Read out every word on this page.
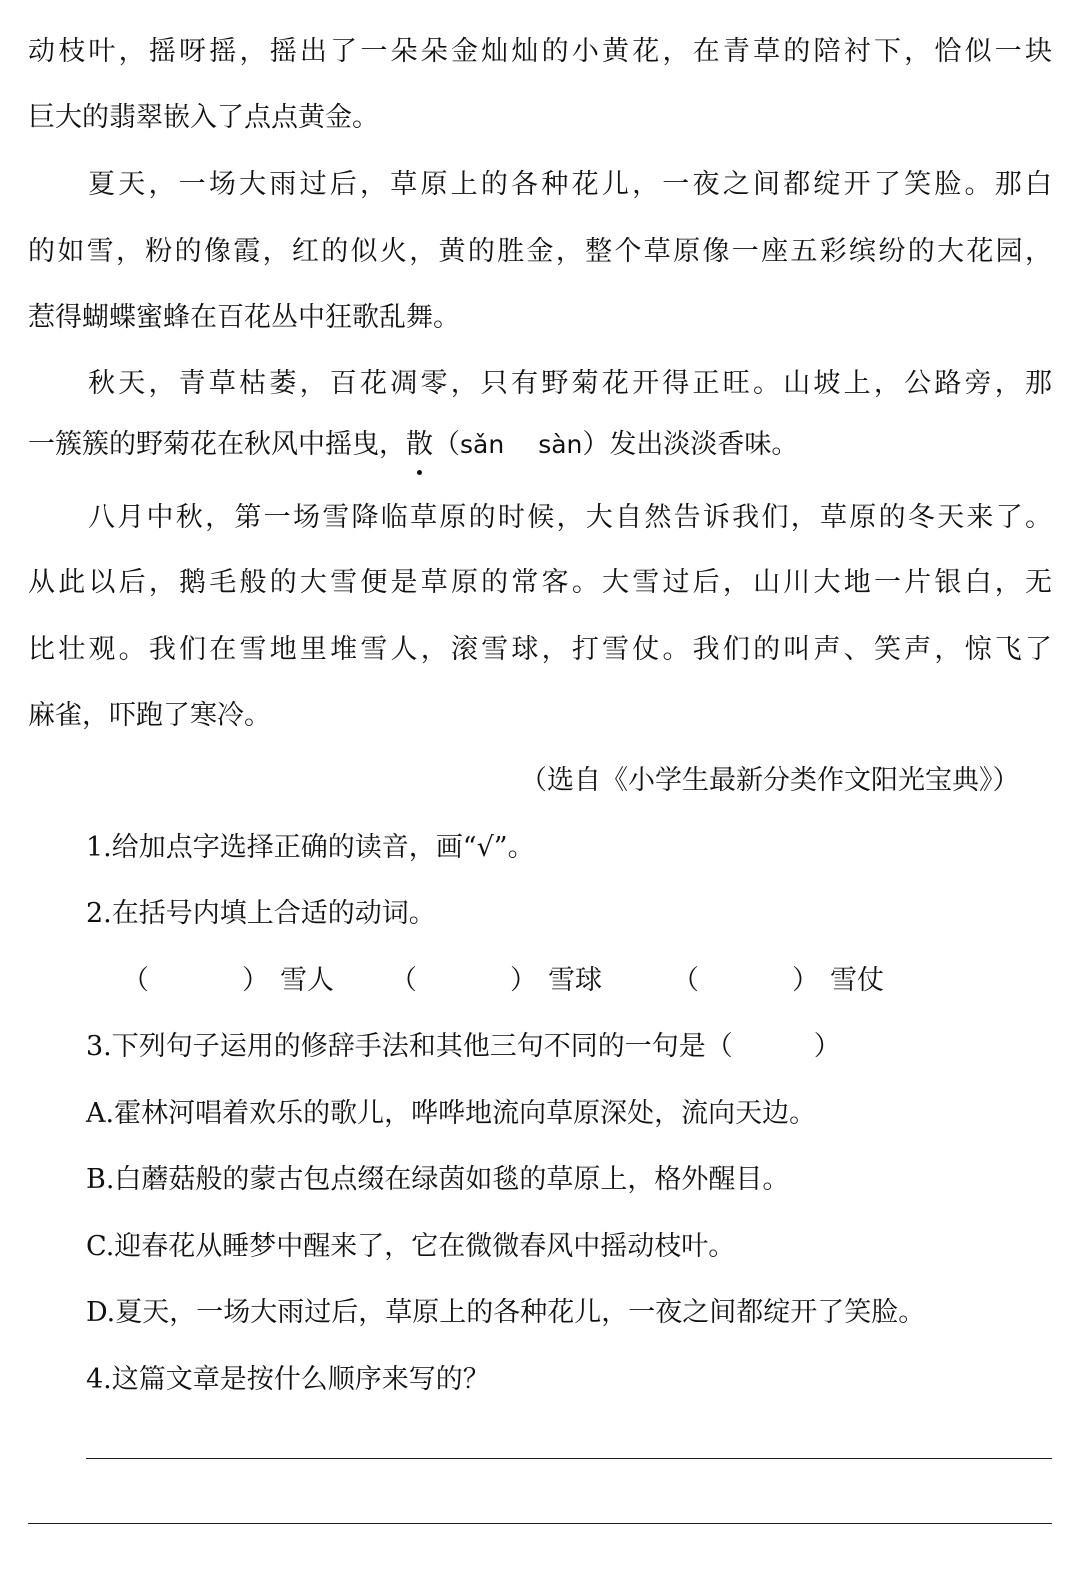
动枝叶，摇呀摇，摇出了一朵朵金灿灿的小黄花，在青草的陪衬下，恰似一块
巨大的翡翠嵌入了点点黄金。
夏天，一场大雨过后，草原上的各种花儿，一夜之间都绽开了笑脸。那白
的如雪，粉的像霞，红的似火，黄的胜金，整个草原像一座五彩缤纷的大花园，
惹得蝴蝶蜜蜂在百花丛中狂歌乱舞。
秋天，青草枯萎，百花凋零，只有野菊花开得正旺。山坡上，公路旁，那
一簇簇的野菊花在秋风中摇曳，散（sǎn sàn）发出淡淡香味。
八月中秋，第一场雪降临草原的时候，大自然告诉我们，草原的冬天来了。
从此以后，鹅毛般的大雪便是草原的常客。大雪过后，山川大地一片银白，无
比壮观。我们在雪地里堆雪人，滚雪球，打雪仗。我们的叫声、笑声，惊飞了
麻雀，吓跑了寒冷。
（选自《小学生最新分类作文阳光宝典》）
1.给加点字选择正确的读音，画“√”。
2.在括号内填上合适的动词。
（	） 雪人 （	） 雪球	（	） 雪仗
3.下列句子运用的修辞手法和其他三句不同的一句是（　　　）
A.霍林河唱着欢乐的歌儿，哗哗地流向草原深处，流向天边。
B.白蘑菇般的蒙古包点缀在绿茵如毯的草原上，格外醒目。
C.迎春花从睡梦中醒来了，它在微微春风中摇动枝叶。
D.夏天，一场大雨过后，草原上的各种花儿，一夜之间都绽开了笑脸。
4.这篇文章是按什么顺序来写的？
